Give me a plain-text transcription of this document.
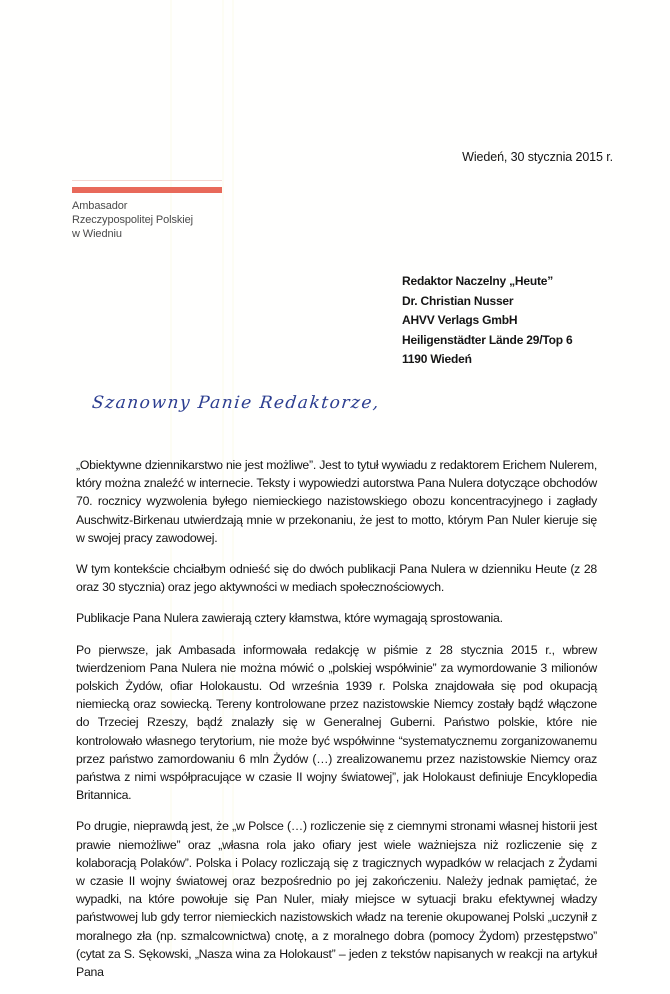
Wiedeń, 30 stycznia 2015 r.
Ambasador
Rzeczypospolitej Polskiej
w Wiedniu
Redaktor Naczelny „Heute”
Dr. Christian Nusser
AHVV Verlags GmbH
Heiligenstädter Lände 29/Top 6
1190 Wiedeń
Szanowny Panie Redaktorze,

„Obiektywne dziennikarstwo nie jest możliwe”. Jest to tytuł wywiadu z redaktorem Erichem Nulerem, który można znaleźć w internecie. Teksty i wypowiedzi autorstwa Pana Nulera dotyczące obchodów 70. rocznicy wyzwolenia byłego niemieckiego nazistowskiego obozu koncentracyjnego i zagłady Auschwitz-Birkenau utwierdzają mnie w przekonaniu, że jest to motto, którym Pan Nuler kieruje się w swojej pracy zawodowej.

W tym kontekście chciałbym odnieść się do dwóch publikacji Pana Nulera w dzienniku Heute (z 28 oraz 30 stycznia) oraz jego aktywności w mediach społecznościowych.

Publikacje Pana Nulera zawierają cztery kłamstwa, które wymagają sprostowania.

Po pierwsze, jak Ambasada informowała redakcję w piśmie z 28 stycznia 2015 r., wbrew twierdzeniom Pana Nulera nie można mówić o „polskiej współwinie” za wymordowanie 3 milionów polskich Żydów, ofiar Holokaustu. Od września 1939 r. Polska znajdowała się pod okupacją niemiecką oraz sowiecką. Tereny kontrolowane przez nazistowskie Niemcy zostały bądź włączone do Trzeciej Rzeszy, bądź znalazły się w Generalnej Guberni. Państwo polskie, które nie kontrolowało własnego terytorium, nie może być współwinne “systematycznemu zorganizowanemu przez państwo zamordowaniu 6 mln Żydów (…) zrealizowanemu przez nazistowskie Niemcy oraz państwa z nimi współpracujące w czasie II wojny światowej”, jak Holokaust definiuje Encyklopedia Britannica.

Po drugie, nieprawdą jest, że „w Polsce (…) rozliczenie się z ciemnymi stronami własnej historii jest prawie niemożliwe” oraz „własna rola jako ofiary jest wiele ważniejsza niż rozliczenie się z kolaboracją Polaków”. Polska i Polacy rozliczają się z tragicznych wypadków w relacjach z Żydami w czasie II wojny światowej oraz bezpośrednio po jej zakończeniu. Należy jednak pamiętać, że wypadki, na które powołuje się Pan Nuler, miały miejsce w sytuacji braku efektywnej władzy państwowej lub gdy terror niemieckich nazistowskich władz na terenie okupowanej Polski „uczynił z moralnego zła (np. szmalcownictwa) cnotę, a z moralnego dobra (pomocy Żydom) przestępstwo” (cytat za S. Sękowski, „Nasza wina za Holokaust” – jeden z tekstów napisanych w reakcji na artykuł Pana
